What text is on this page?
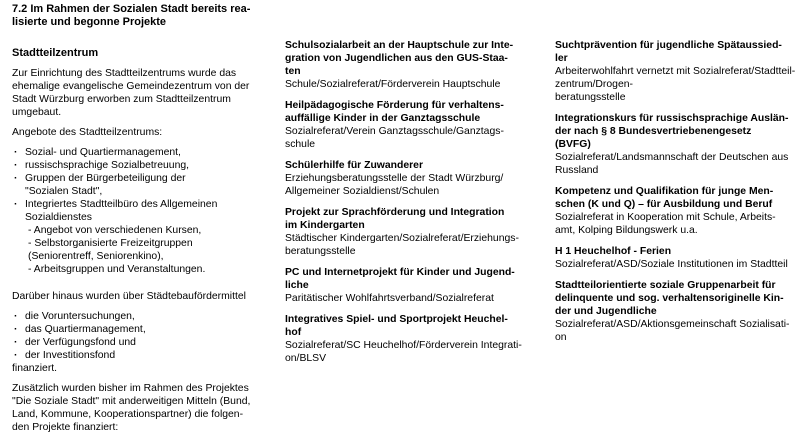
7.2 Im Rahmen der Sozialen Stadt bereits rea-
lisierte und begonne Projekte
Stadtteilzentrum
Zur Einrichtung des Stadtteilzentrums wurde das
ehemalige evangelische Gemeindezentrum von der
Stadt Würzburg erworben zum Stadtteilzentrum
umgebaut.
Angebote des Stadtteilzentrums:
· Sozial- und Quartiermanagement,
· russischsprachige Sozialbetreuung,
· Gruppen der Bürgerbeteiligung der
"Sozialen Stadt",
· Integriertes Stadtteilbüro des Allgemeinen
Sozialdienstes
- Angebot von verschiedenen Kursen,
- Selbstorganisierte Freizeitgruppen
(Seniorentreff, Seniorenkino),
- Arbeitsgruppen und Veranstaltungen.
Darüber hinaus wurden über Städtebaufördermittel
· die Voruntersuchungen,
· das Quartiermanagement,
· der Verfügungsfond und
· der Investitionsfond
finanziert.
Zusätzlich wurden bisher im Rahmen des Projektes
"Die Soziale Stadt" mit anderweitigen Mitteln (Bund,
Land, Kommune, Kooperationspartner) die folgen-
den Projekte finanziert:
Schulsozialarbeit an der Hauptschule zur Inte-
gration von Jugendlichen aus den GUS-Staa-
ten
Schule/Sozialreferat/Förderverein Hauptschule
Heilpädagogische Förderung für verhaltens-
auffällige Kinder in der Ganztagsschule
Sozialreferat/Verein Ganztagsschule/Ganztags-
schule
Schülerhilfe für Zuwanderer
Erziehungsberatungsstelle der Stadt Würzburg/
Allgemeiner Sozialdienst/Schulen
Projekt zur Sprachförderung und Integration
im Kindergarten
Städtischer Kindergarten/Sozialreferat/Erziehungs-
beratungsstelle
PC und Internetprojekt für Kinder und Jugend-
liche
Paritätischer Wohlfahrtsverband/Sozialreferat
Integratives Spiel- und Sportprojekt Heuchel-
hof
Sozialreferat/SC Heuchelhof/Förderverein Integrati-
on/BLSV
Suchtprävention für jugendliche Spätaussied-
ler
Arbeiterwohlfahrt vernetzt mit Sozialreferat/Stadtteil-
zentrum/Drogen-
beratungsstelle
Integrationskurs für russischsprachige Auslän-
der nach § 8 Bundesvertriebenengesetz
(BVFG)
Sozialreferat/Landsmannschaft der Deutschen aus
Russland
Kompetenz und Qualifikation für junge Men-
schen (K und Q) – für Ausbildung und Beruf
Sozialreferat in Kooperation mit Schule, Arbeits-
amt, Kolping Bildungswerk u.a.
H 1 Heuchelhof - Ferien
Sozialreferat/ASD/Soziale Institutionen im Stadtteil
Stadtteilorientierte soziale Gruppenarbeit für
delinquente und sog. verhaltensoriginelle Kin-
der und Jugendliche
Sozialreferat/ASD/Aktionsgemeinschaft Sozialisati-
on
